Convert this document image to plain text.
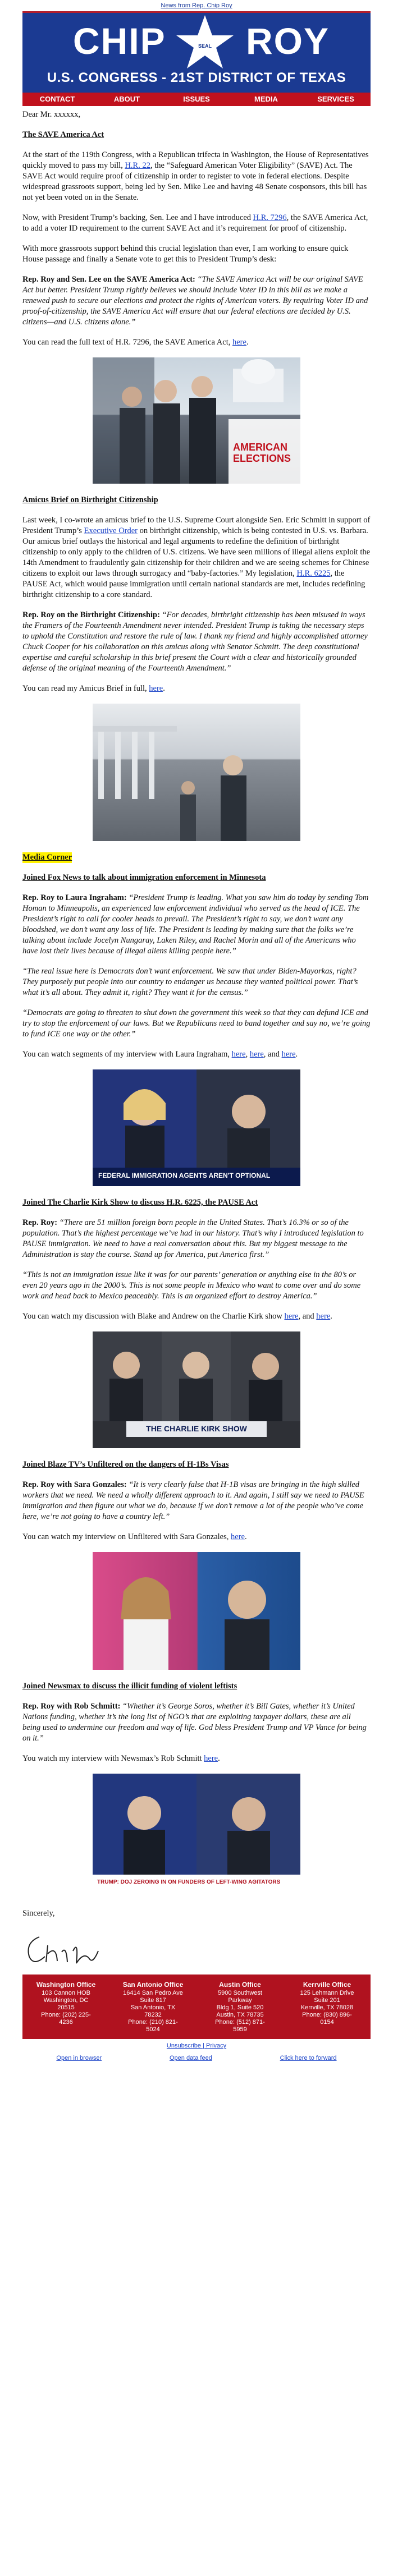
News from Rep. Chip Roy
CHIP	SEAL ROY
U.S. CONGRESS - 21ST DISTRICT OF TEXAS
CONTACT	ABOUT	ISSUES	MEDIA	SERVICES

Dear Mr. xxxxxx,

The SAVE America Act

At the start of the 119th Congress, with a Republican trifecta in Washington, the House of Representatives quickly moved to pass my bill, H.R. 22, the “Safeguard American Voter Eligibility” (SAVE) Act. The SAVE Act would require proof of citizenship in order to register to vote in federal elections. Despite widespread grassroots support, being led by Sen. Mike Lee and having 48 Senate cosponsors, this bill has not yet been voted on in the Senate.

Now, with President Trump’s backing, Sen. Lee and I have introduced H.R. 7296, the SAVE America Act, to add a voter ID requirement to the current SAVE Act and it’s requirement for proof of citizenship.

With more grassroots support behind this crucial legislation than ever, I am working to ensure quick House passage and finally a Senate vote to get this to President Trump’s desk:

Rep. Roy and Sen. Lee on the SAVE America Act: “The SAVE America Act will be our original SAVE Act but better. President Trump rightly believes we should include Voter ID in this bill as we make a renewed push to secure our elections and protect the rights of American voters. By requiring Voter ID and proof-of-citizenship, the SAVE America Act will ensure that our federal elections are decided by U.S. citizens—and U.S. citizens alone.”

You can read the full text of H.R. 7296, the SAVE America Act, here.

AMERICAN ELECTIONS
Amicus Brief on Birthright Citizenship

Last week, I co-wrote an amicus brief to the U.S. Supreme Court alongside Sen. Eric Schmitt in support of President Trump’s Executive Order on birthright citizenship, which is being contested in U.S. vs. Barbara. Our amicus brief outlays the historical and legal arguments to redefine the definition of birthright citizenship to only apply to the children of U.S. citizens. We have seen millions of illegal aliens exploit the 14th Amendment to fraudulently gain citizenship for their children and we are seeing schemes for Chinese citizens to exploit our laws through surrogacy and “baby-factories.” My legislation, H.R. 6225, the PAUSE Act, which would pause immigration until certain national standards are met, includes redefining birthright citizenship to a core standard.

Rep. Roy on the Birthright Citizenship: “For decades, birthright citizenship has been misused in ways the Framers of the Fourteenth Amendment never intended. President Trump is taking the necessary steps to uphold the Constitution and restore the rule of law. I thank my friend and highly accomplished attorney Chuck Cooper for his collaboration on this amicus along with Senator Schmitt. The deep constitutional expertise and careful scholarship in this brief present the Court with a clear and historically grounded defense of the original meaning of the Fourteenth Amendment.”

You can read my Amicus Brief in full, here.

Media Corner
Joined Fox News to talk about immigration enforcement in Minnesota

Rep. Roy to Laura Ingraham: “President Trump is leading. What you saw him do today by sending Tom Homan to Minneapolis, an experienced law enforcement individual who served as the head of ICE. The President’s right to call for cooler heads to prevail. The President’s right to say, we don’t want any bloodshed, we don’t want any loss of life. The President is leading by making sure that the folks we’re talking about include Jocelyn Nungaray, Laken Riley, and Rachel Morin and all of the Americans who have lost their lives because of illegal aliens killing people here.”

“The real issue here is Democrats don’t want enforcement. We saw that under Biden-Mayorkas, right? They purposely put people into our country to endanger us because they wanted political power. That’s what it’s all about. They admit it, right? They want it for the census.”

“Democrats are going to threaten to shut down the government this week so that they can defund ICE and try to stop the enforcement of our laws. But we Republicans need to band together and say no, we’re going to fund ICE one way or the other.”

You can watch segments of my interview with Laura Ingraham, here, here, and here.

FEDERAL IMMIGRATION AGENTS AREN'T OPTIONAL
Joined The Charlie Kirk Show to discuss H.R. 6225, the PAUSE Act

Rep. Roy: “There are 51 million foreign born people in the United States. That’s 16.3% or so of the population. That’s the highest percentage we’ve had in our history. That’s why I introduced legislation to PAUSE immigration. We need to have a real conversation about this. But my biggest message to the Administration is stay the course. Stand up for America, put America first.”

“This is not an immigration issue like it was for our parents’ generation or anything else in the 80’s or even 20 years ago in the 2000’s. This is not some people in Mexico who want to come over and do some work and head back to Mexico peaceably. This is an organized effort to destroy America.”

You can watch my discussion with Blake and Andrew on the Charlie Kirk show here, and here.

THE CHARLIE KIRK SHOW
Joined Blaze TV’s Unfiltered on the dangers of H-1Bs Visas

Rep. Roy with Sara Gonzales: “It is very clearly false that H-1B visas are bringing in the high skilled workers that we need. We need a wholly different approach to it. And again, I still say we need to PAUSE immigration and then figure out what we do, because if we don’t remove a lot of the people who’ve come here, we’re not going to have a country left.”

You can watch my interview on Unfiltered with Sara Gonzales, here.

Joined Newsmax to discuss the illicit funding of violent leftists

Rep. Roy with Rob Schmitt: “Whether it’s George Soros, whether it’s Bill Gates, whether it’s United Nations funding, whether it’s the long list of NGO’s that are exploiting taxpayer dollars, these are all being used to undermine our freedom and way of life. God bless President Trump and VP Vance for being on it.”

You watch my interview with Newsmax’s Rob Schmitt here.

TRUMP: DOJ ZEROING IN ON FUNDERS OF LEFT-WING AGITATORS

Sincerely,

Washington Office
103 Cannon HOB
Washington, DC
20515
Phone: (202) 225-
4236
San Antonio Office
16414 San Pedro Ave
Suite 817
San Antonio, TX
78232
Phone: (210) 821-
5024
Austin Office
5900 Southwest
Parkway
Bldg 1, Suite 520
Austin, TX 78735
Phone: (512) 871-
5959
Kerrville Office
125 Lehmann Drive
Suite 201
Kerrville, TX 78028
Phone: (830) 896-
0154
Unsubscribe | Privacy
Open in browser	Open data feed	Click here to forward
